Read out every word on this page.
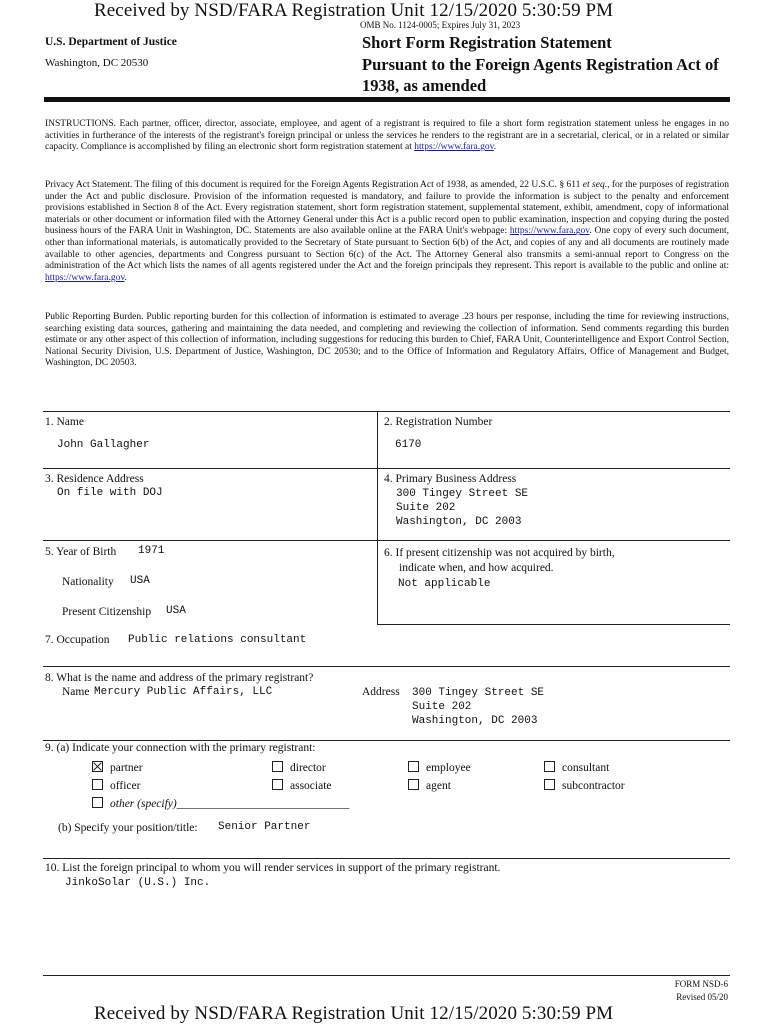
Received by NSD/FARA Registration Unit 12/15/2020 5:30:59 PM
OMB No. 1124-0005; Expires July 31, 2023
U.S. Department of Justice
Washington, DC 20530
Short Form Registration Statement
Pursuant to the Foreign Agents Registration Act of
1938, as amended
INSTRUCTIONS. Each partner, officer, director, associate, employee, and agent of a registrant is required to file a short form registration statement unless he engages in no activities in furtherance of the interests of the registrant's foreign principal or unless the services he renders to the registrant are in a secretarial, clerical, or in a related or similar capacity. Compliance is accomplished by filing an electronic short form registration statement at https://www.fara.gov.
Privacy Act Statement. The filing of this document is required for the Foreign Agents Registration Act of 1938, as amended, 22 U.S.C. § 611 et seq., for the purposes of registration under the Act and public disclosure. Provision of the information requested is mandatory, and failure to provide the information is subject to the penalty and enforcement provisions established in Section 8 of the Act. Every registration statement, short form registration statement, supplemental statement, exhibit, amendment, copy of informational materials or other document or information filed with the Attorney General under this Act is a public record open to public examination, inspection and copying during the posted business hours of the FARA Unit in Washington, DC. Statements are also available online at the FARA Unit's webpage: https://www.fara.gov. One copy of every such document, other than informational materials, is automatically provided to the Secretary of State pursuant to Section 6(b) of the Act, and copies of any and all documents are routinely made available to other agencies, departments and Congress pursuant to Section 6(c) of the Act. The Attorney General also transmits a semi-annual report to Congress on the administration of the Act which lists the names of all agents registered under the Act and the foreign principals they represent. This report is available to the public and online at: https://www.fara.gov.
Public Reporting Burden. Public reporting burden for this collection of information is estimated to average .23 hours per response, including the time for reviewing instructions, searching existing data sources, gathering and maintaining the data needed, and completing and reviewing the collection of information. Send comments regarding this burden estimate or any other aspect of this collection of information, including suggestions for reducing this burden to Chief, FARA Unit, Counterintelligence and Export Control Section, National Security Division, U.S. Department of Justice, Washington, DC 20530; and to the Office of Information and Regulatory Affairs, Office of Management and Budget, Washington, DC 20503.
1. Name
John Gallagher
2. Registration Number
6170
3. Residence Address
On file with DOJ
4. Primary Business Address
300 Tingey Street SE
Suite 202
Washington, DC 2003
5. Year of Birth 1971
Nationality USA
Present Citizenship USA
6. If present citizenship was not acquired by birth,
indicate when, and how acquired.
Not applicable
7. Occupation Public relations consultant
8. What is the name and address of the primary registrant?
Name Mercury Public Affairs, LLC	Address 300 Tingey Street SE
Suite 202
Washington, DC 2003
9. (a) Indicate your connection with the primary registrant:
partner	director	employee	consultant
officer	associate	agent	subcontractor
other (specify)______________________________
(b) Specify your position/title: Senior Partner
10. List the foreign principal to whom you will render services in support of the primary registrant.
JinkoSolar (U.S.) Inc.
FORM NSD-6
Revised 05/20
Received by NSD/FARA Registration Unit 12/15/2020 5:30:59 PM
